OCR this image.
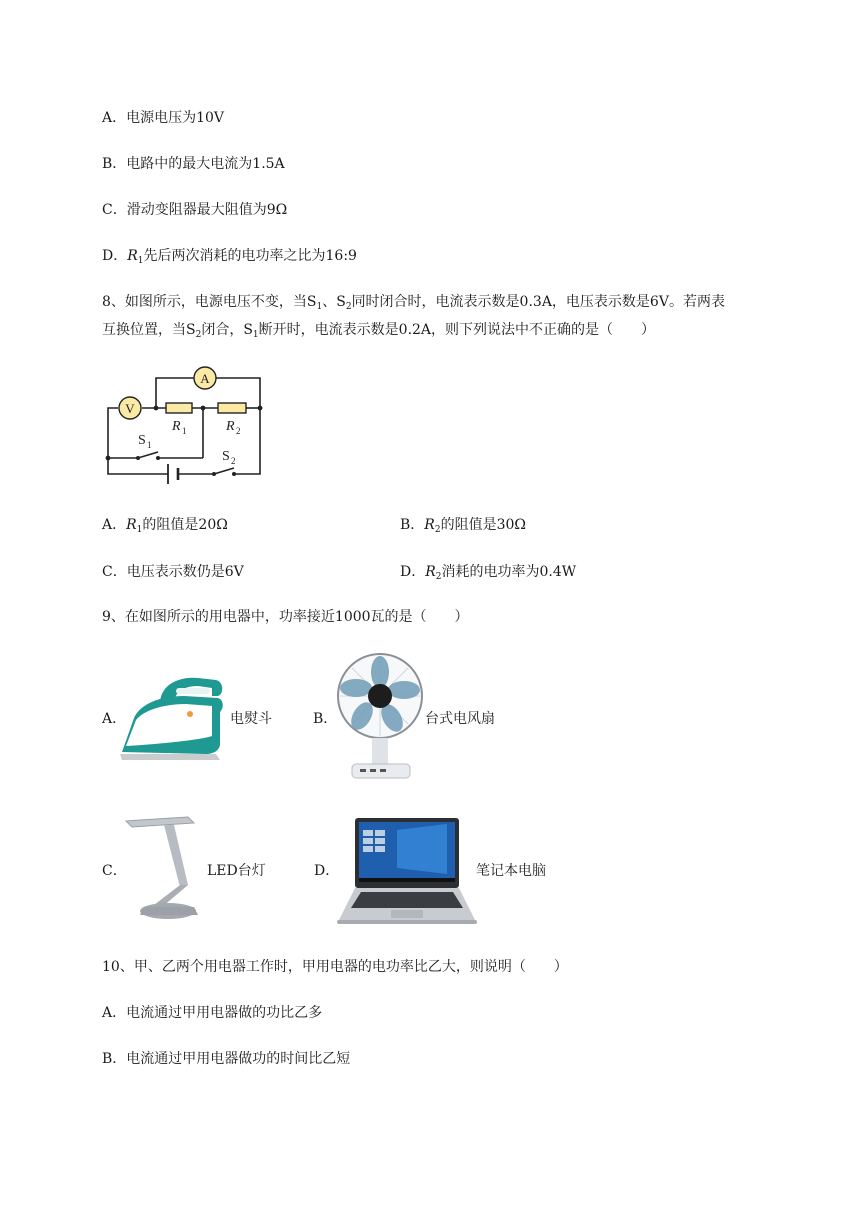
A．电源电压为10V
B．电路中的最大电流为1.5A
C．滑动变阻器最大阻值为9Ω
D．$R_1$先后两次消耗的电功率之比为16:9
8、如图所示，电源电压不变，当$S_1$、$S_2$同时闭合时，电流表示数是0.3A，电压表示数是6V。若两表
互换位置，当$S_2$闭合，$S_1$断开时，电流表示数是0.2A，则下列说法中不正确的是（　　）
A
V
R 1	R 2
S 1
S 2
A．$R_1$的阻值是20Ω	B．$R_2$的阻值是30Ω
C．电压表示数仍是6V	D．$R_2$消耗的电功率为0.4W
9、在如图所示的用电器中，功率接近1000瓦的是（　　）
A．	电熨斗	B．	台式电风扇
C．	LED台灯	D．	笔记本电脑
10、甲、乙两个用电器工作时，甲用电器的电功率比乙大，则说明（　　）
A．电流通过甲用电器做的功比乙多
B．电流通过甲用电器做功的时间比乙短
